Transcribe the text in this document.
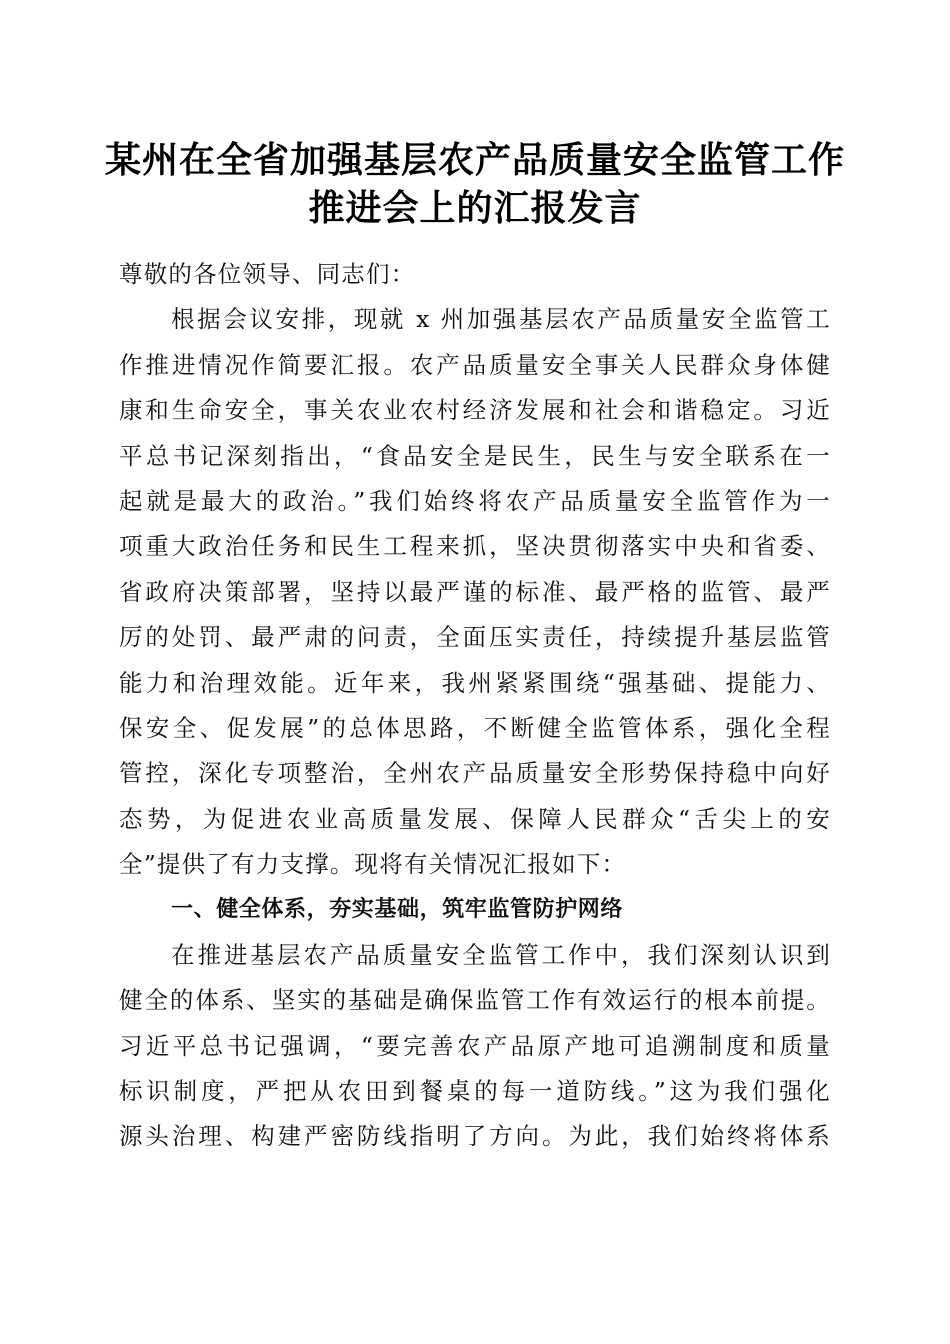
某州在全省加强基层农产品质量安全监管工作
推进会上的汇报发言
尊敬的各位领导、同志们：
根据会议安排，现就 x 州加强基层农产品质量安全监管工
作推进情况作简要汇报。农产品质量安全事关人民群众身体健
康和生命安全，事关农业农村经济发展和社会和谐稳定。习近
平总书记深刻指出，“食品安全是民生，民生与安全联系在一
起就是最大的政治。”我们始终将农产品质量安全监管作为一
项重大政治任务和民生工程来抓，坚决贯彻落实中央和省委、
省政府决策部署，坚持以最严谨的标准、最严格的监管、最严
厉的处罚、最严肃的问责，全面压实责任，持续提升基层监管
能力和治理效能。近年来，我州紧紧围绕“强基础、提能力、
保安全、促发展”的总体思路，不断健全监管体系，强化全程
管控，深化专项整治，全州农产品质量安全形势保持稳中向好
态势，为促进农业高质量发展、保障人民群众“舌尖上的安
全”提供了有力支撑。现将有关情况汇报如下：
一、健全体系，夯实基础，筑牢监管防护网络
在推进基层农产品质量安全监管工作中，我们深刻认识到
健全的体系、坚实的基础是确保监管工作有效运行的根本前提。
习近平总书记强调，“要完善农产品原产地可追溯制度和质量
标识制度，严把从农田到餐桌的每一道防线。”这为我们强化
源头治理、构建严密防线指明了方向。为此，我们始终将体系
